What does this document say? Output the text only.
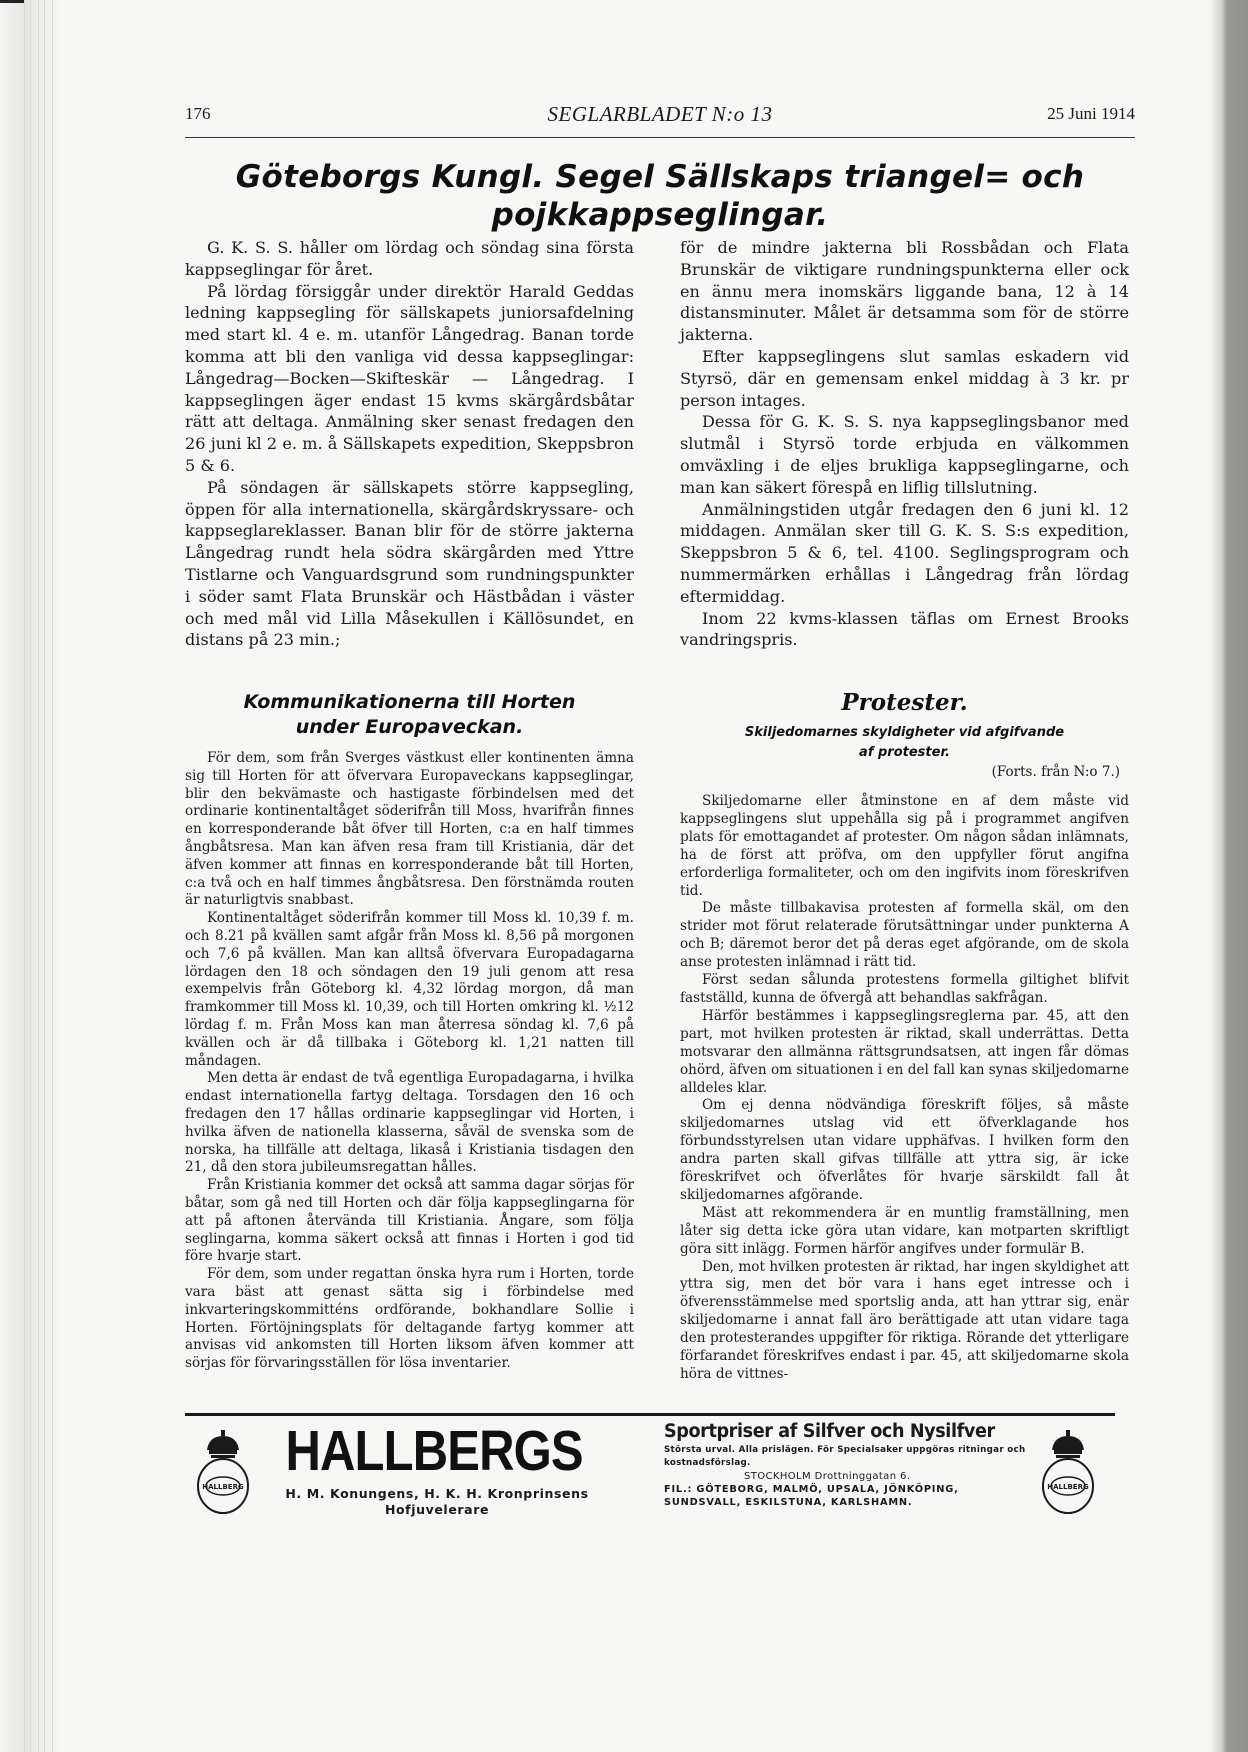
176	SEGLARBLADET N:o 13	25 Juni 1914
Göteborgs Kungl. Segel Sällskaps triangel= och
pojkkappseglingar.

G. K. S. S. håller om lördag och söndag sina första kappseglingar för året.

På lördag försiggår under direktör Harald Geddas ledning kappsegling för sällskapets juniorsafdelning med start kl. 4 e. m. utanför Långedrag. Banan torde komma att bli den vanliga vid dessa kappseglingar: Långedrag—Bocken—Skifteskär — Långedrag. I kappseglingen äger endast 15 kvms skärgårdsbåtar rätt att deltaga. Anmälning sker senast fredagen den 26 juni kl 2 e. m. å Sällskapets expedition, Skeppsbron 5 & 6.

På söndagen är sällskapets större kappsegling, öppen för alla internationella, skärgårdskryssare- och kappseglareklasser. Banan blir för de större jakterna Långedrag rundt hela södra skärgården med Yttre Tistlarne och Vanguardsgrund som rundningspunkter i söder samt Flata Brunskär och Hästbådan i väster och med mål vid Lilla Måsekullen i Källösundet, en distans på 23 min.;

för de mindre jakterna bli Rossbådan och Flata Brunskär de viktigare rundningspunkterna eller ock en ännu mera inomskärs liggande bana, 12 à 14 distansminuter. Målet är detsamma som för de större jakterna.

Efter kappseglingens slut samlas eskadern vid Styrsö, där en gemensam enkel middag à 3 kr. pr person intages.

Dessa för G. K. S. S. nya kappseglingsbanor med slutmål i Styrsö torde erbjuda en välkommen omväxling i de eljes brukliga kappseglingarne, och man kan säkert förespå en liflig tillslutning.

Anmälningstiden utgår fredagen den 6 juni kl. 12 middagen. Anmälan sker till G. K. S. S:s expedition, Skeppsbron 5 & 6, tel. 4100. Seglingsprogram och nummermärken erhållas i Långedrag från lördag eftermiddag.

Inom 22 kvms-klassen täflas om Ernest Brooks vandringspris.

Kommunikationerna till Horten
under Europaveckan.

För dem, som från Sverges västkust eller kontinenten ämna sig till Horten för att öfvervara Europaveckans kappseglingar, blir den bekvämaste och hastigaste förbindelsen med det ordinarie kontinentaltåget söderifrån till Moss, hvarifrån finnes en korresponderande båt öfver till Horten, c:a en half timmes ångbåtsresa. Man kan äfven resa fram till Kristiania, där det äfven kommer att finnas en korresponderande båt till Horten, c:a två och en half timmes ångbåtsresa. Den förstnämda routen är naturligtvis snabbast.

Kontinentaltåget söderifrån kommer till Moss kl. 10,39 f. m. och 8.21 på kvällen samt afgår från Moss kl. 8,56 på morgonen och 7,6 på kvällen. Man kan alltså öfvervara Europadagarna lördagen den 18 och söndagen den 19 juli genom att resa exempelvis från Göteborg kl. 4,32 lördag morgon, då man framkommer till Moss kl. 10,39, och till Horten omkring kl. ½12 lördag f. m. Från Moss kan man återresa söndag kl. 7,6 på kvällen och är då tillbaka i Göteborg kl. 1,21 natten till måndagen.

Men detta är endast de två egentliga Europadagarna, i hvilka endast internationella fartyg deltaga. Torsdagen den 16 och fredagen den 17 hållas ordinarie kappseglingar vid Horten, i hvilka äfven de nationella klasserna, såväl de svenska som de norska, ha tillfälle att deltaga, likaså i Kristiania tisdagen den 21, då den stora jubileumsregattan hålles.

Från Kristiania kommer det också att samma dagar sörjas för båtar, som gå ned till Horten och där följa kappseglingarna för att på aftonen återvända till Kristiania. Ångare, som följa seglingarna, komma säkert också att finnas i Horten i god tid före hvarje start.

För dem, som under regattan önska hyra rum i Horten, torde vara bäst att genast sätta sig i förbindelse med inkvarteringskommitténs ordförande, bokhandlare Sollie i Horten. Förtöjningsplats för deltagande fartyg kommer att anvisas vid ankomsten till Horten liksom äfven kommer att sörjas för förvaringsställen för lösa inventarier.

Protester.
Skiljedomarnes skyldigheter vid afgifvande
af protester.
(Forts. från N:o 7.)

Skiljedomarne eller åtminstone en af dem måste vid kappseglingens slut uppehålla sig på i programmet angifven plats för emottagandet af protester. Om någon sådan inlämnats, ha de först att pröfva, om den uppfyller förut angifna erforderliga formaliteter, och om den ingifvits inom föreskrifven tid.

De måste tillbakavisa protesten af formella skäl, om den strider mot förut relaterade förutsättningar under punkterna A och B; däremot beror det på deras eget afgörande, om de skola anse protesten inlämnad i rätt tid.

Först sedan sålunda protestens formella giltighet blifvit fastställd, kunna de öfvergå att behandlas sakfrågan.

Härför bestämmes i kappseglingsreglerna par. 45, att den part, mot hvilken protesten är riktad, skall underrättas. Detta motsvarar den allmänna rättsgrundsatsen, att ingen får dömas ohörd, äfven om situationen i en del fall kan synas skiljedomarne alldeles klar.

Om ej denna nödvändiga föreskrift följes, så måste skiljedomarnes utslag vid ett öfverklagande hos förbundsstyrelsen utan vidare upphäfvas. I hvilken form den andra parten skall gifvas tillfälle att yttra sig, är icke föreskrifvet och öfverlåtes för hvarje särskildt fall åt skiljedomarnes afgörande.

Mäst att rekommendera är en muntlig framställning, men låter sig detta icke göra utan vidare, kan motparten skriftligt göra sitt inlägg. Formen härför angifves under formulär B.

Den, mot hvilken protesten är riktad, har ingen skyldighet att yttra sig, men det bör vara i hans eget intresse och i öfverensstämmelse med sportslig anda, att han yttrar sig, enär skiljedomarne i annat fall äro berättigade att utan vidare taga den protesterandes uppgifter för riktiga. Rörande det ytterligare förfarandet föreskrifves endast i par. 45, att skiljedomarne skola höra de vittnes-

HALLBERG
HALLBERGS
H. M. Konungens, H. K. H. Kronprinsens
Hofjuvelerare
Sportpriser af Silfver och Nysilfver
Största urval. Alla prislägen. För Specialsaker uppgöras ritningar och kostnadsförslag.
STOCKHOLM Drottninggatan 6.
FIL.: GÖTEBORG, MALMÖ, UPSALA, JÖNKÖPING, SUNDSVALL, ESKILSTUNA, KARLSHAMN.
HALLBERG
